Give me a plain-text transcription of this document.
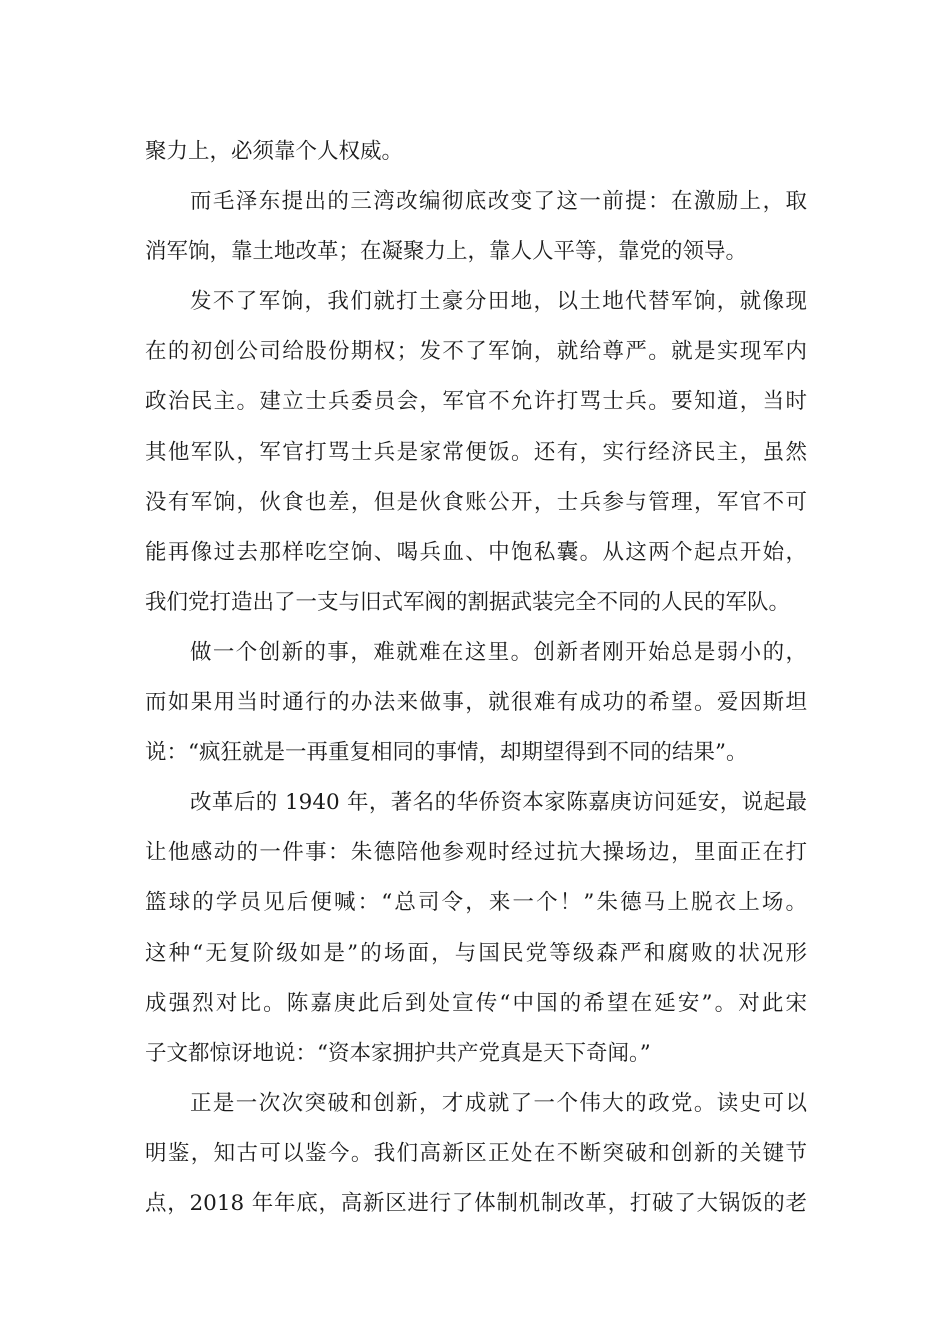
聚力上，必须靠个人权威。
而毛泽东提出的三湾改编彻底改变了这一前提：在激励上，取
消军饷，靠土地改革；在凝聚力上，靠人人平等，靠党的领导。
发不了军饷，我们就打土豪分田地，以土地代替军饷，就像现
在的初创公司给股份期权；发不了军饷，就给尊严。就是实现军内
政治民主。建立士兵委员会，军官不允许打骂士兵。要知道，当时
其他军队，军官打骂士兵是家常便饭。还有，实行经济民主，虽然
没有军饷，伙食也差，但是伙食账公开，士兵参与管理，军官不可
能再像过去那样吃空饷、喝兵血、中饱私囊。从这两个起点开始，
我们党打造出了一支与旧式军阀的割据武装完全不同的人民的军队。
做一个创新的事，难就难在这里。创新者刚开始总是弱小的，
而如果用当时通行的办法来做事，就很难有成功的希望。爱因斯坦
说：“疯狂就是一再重复相同的事情，却期望得到不同的结果”。
改革后的 1940 年，著名的华侨资本家陈嘉庚访问延安，说起最
让他感动的一件事：朱德陪他参观时经过抗大操场边，里面正在打
篮球的学员见后便喊：“总司令，来一个！”朱德马上脱衣上场。
这种“无复阶级如是”的场面，与国民党等级森严和腐败的状况形
成强烈对比。陈嘉庚此后到处宣传“中国的希望在延安”。对此宋
子文都惊讶地说：“资本家拥护共产党真是天下奇闻。”
正是一次次突破和创新，才成就了一个伟大的政党。读史可以
明鉴，知古可以鉴今。我们高新区正处在不断突破和创新的关键节
点，2018 年年底，高新区进行了体制机制改革，打破了大锅饭的老
